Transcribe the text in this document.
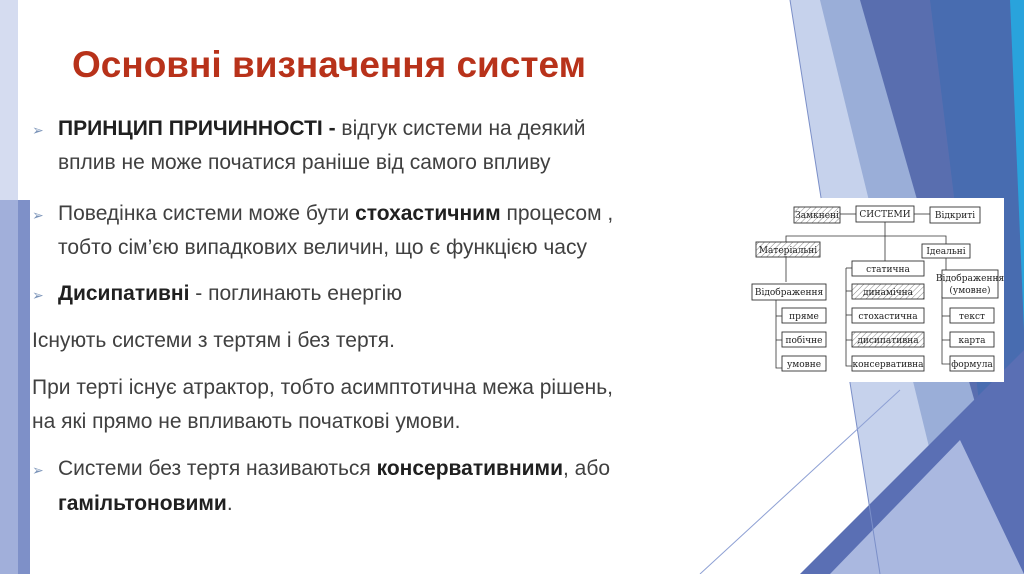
Основні визначення систем
➢ ПРИНЦИП ПРИЧИННОСТІ - відгук системи на деякий
вплив не може початися раніше від самого впливу
➢ Поведінка системи може бути стохастичним процесом ,
тобто сім’єю випадкових величин, що є функцією часу
➢ Дисипативні - поглинають енергію
Існують системи з тертям і без тертя.
При терті існує атрактор, тобто асимптотична межа рішень,
на які прямо не впливають початкові умови.
➢ Системи без тертя називаються консервативними, або
гамільтоновими.
Замкнені СИСТЕМИ	Відкриті
Матеріальні	Ідеальні
Відображення
Відображення
(умовне)
пряме
побічне
умовне
статична
динамічна
стохастична
дисипативна
консервативна
текст
карта
формула
